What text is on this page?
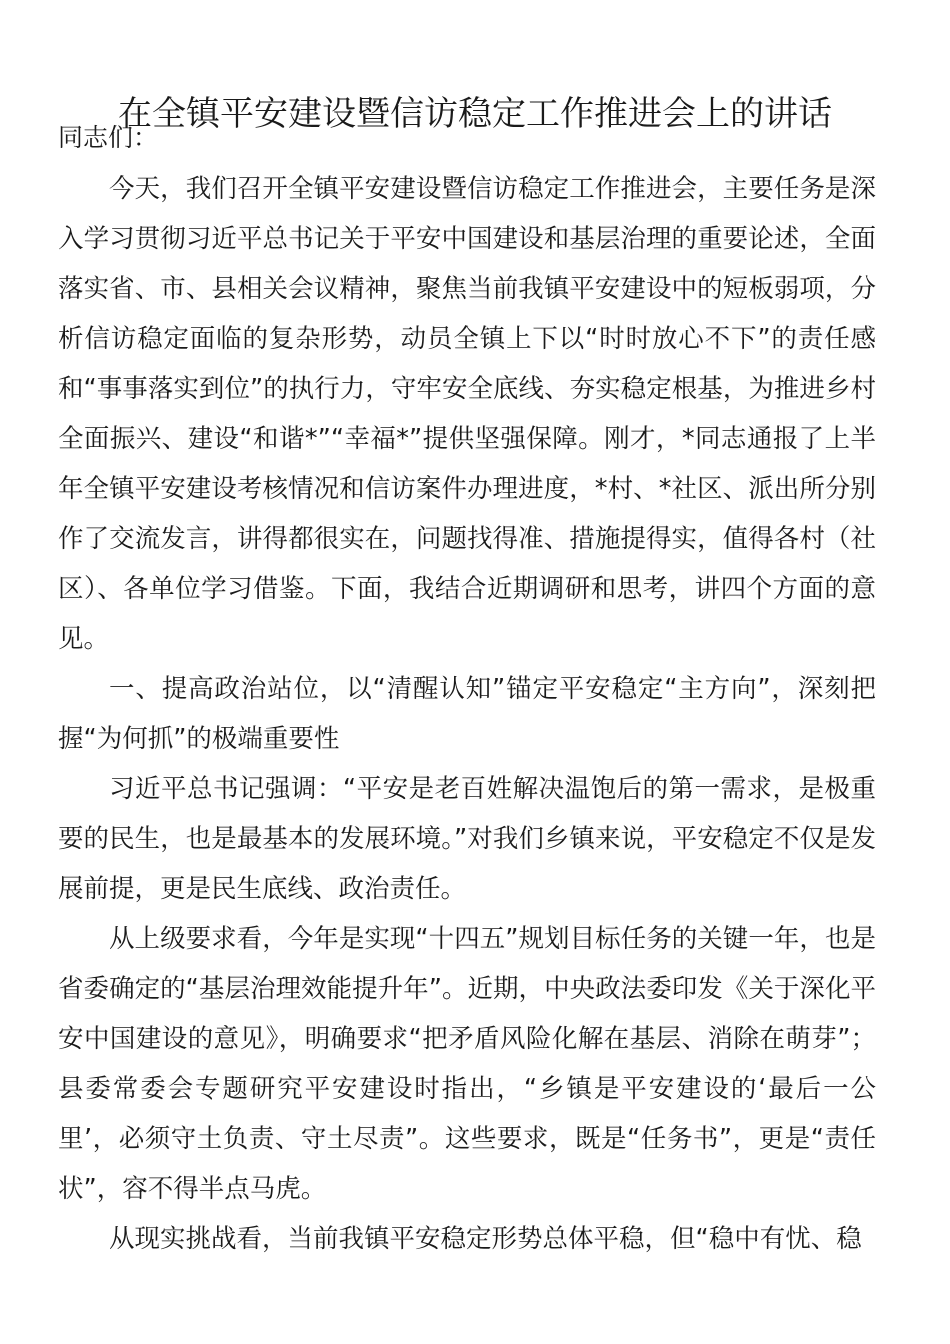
在全镇平安建设暨信访稳定工作推进会上的讲话
同志们：

今天，我们召开全镇平安建设暨信访稳定工作推进会，主要任务是深入学习贯彻习近平总书记关于平安中国建设和基层治理的重要论述，全面落实省、市、县相关会议精神，聚焦当前我镇平安建设中的短板弱项，分析信访稳定面临的复杂形势，动员全镇上下以“时时放心不下”的责任感和“事事落实到位”的执行力，守牢安全底线、夯实稳定根基，为推进乡村全面振兴、建设“和谐*”“幸福*”提供坚强保障。刚才，*同志通报了上半年全镇平安建设考核情况和信访案件办理进度，*村、*社区、派出所分别作了交流发言，讲得都很实在，问题找得准、措施提得实，值得各村（社区）、各单位学习借鉴。下面，我结合近期调研和思考，讲四个方面的意见。

一、提高政治站位，以“清醒认知”锚定平安稳定“主方向”，深刻把握“为何抓”的极端重要性

习近平总书记强调：“平安是老百姓解决温饱后的第一需求，是极重要的民生，也是最基本的发展环境。”对我们乡镇来说，平安稳定不仅是发展前提，更是民生底线、政治责任。

从上级要求看，今年是实现“十四五”规划目标任务的关键一年，也是省委确定的“基层治理效能提升年”。近期，中央政法委印发《关于深化平安中国建设的意见》，明确要求“把矛盾风险化解在基层、消除在萌芽”；县委常委会专题研究平安建设时指出，“乡镇是平安建设的‘最后一公里’，必须守土负责、守土尽责”。这些要求，既是“任务书”，更是“责任状”，容不得半点马虎。

从现实挑战看，当前我镇平安稳定形势总体平稳，但“稳中有忧、稳
